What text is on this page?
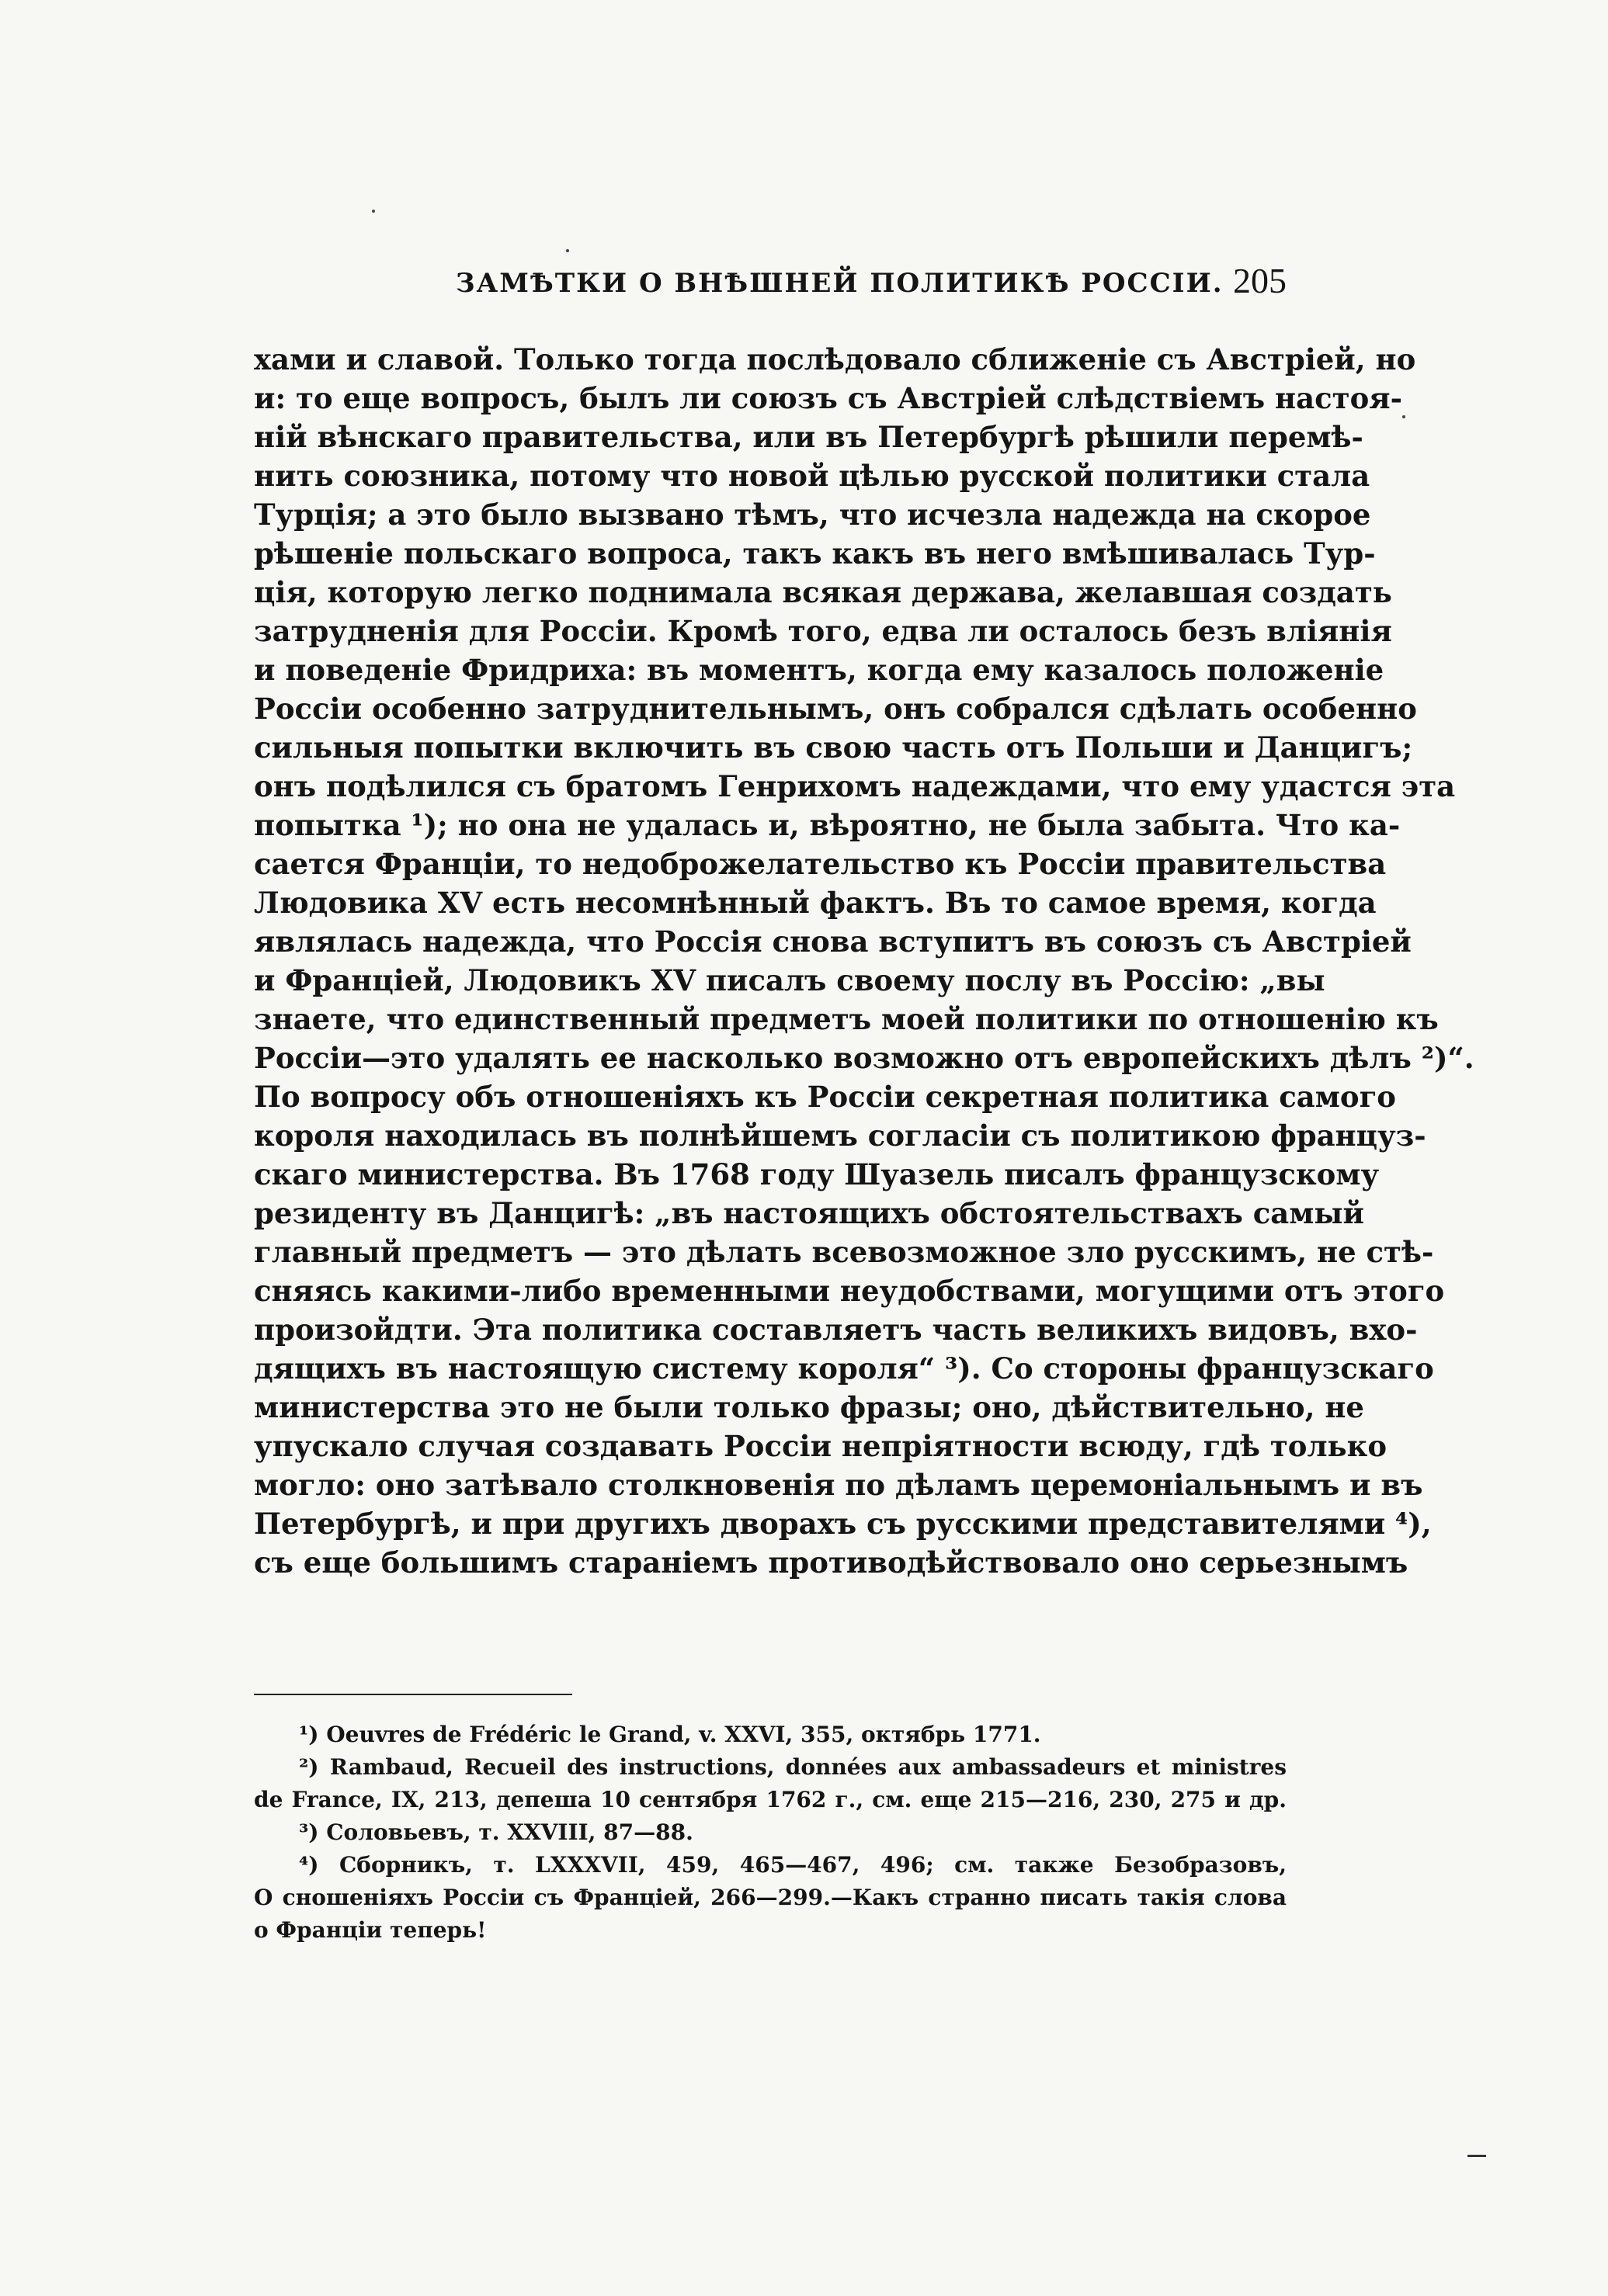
ЗАМѢТКИ О ВНѢШНЕЙ ПОЛИТИКѢ РОССІИ. 205
хами и славой. Только тогда послѣдовало сближеніе съ Австріей, но
и: то еще вопросъ, былъ ли союзъ съ Австріей слѣдствіемъ настоя-
ній вѣнскаго правительства, или въ Петербургѣ рѣшили перемѣ-
нить союзника, потому что новой цѣлью русской политики стала
Турція; а это было вызвано тѣмъ, что исчезла надежда на скорое
рѣшеніе польскаго вопроса, такъ какъ въ него вмѣшивалась Тур-
ція, которую легко поднимала всякая держава, желавшая создать
затрудненія для Россіи. Кромѣ того, едва ли осталось безъ вліянія
и поведеніе Фридриха: въ моментъ, когда ему казалось положеніе
Россіи особенно затруднительнымъ, онъ собрался сдѣлать особенно
сильныя попытки включить въ свою часть отъ Польши и Данцигъ;
онъ подѣлился съ братомъ Генрихомъ надеждами, что ему удастся эта
попытка ¹); но она не удалась и, вѣроятно, не была забыта. Что ка-
сается Франціи, то недоброжелательство къ Россіи правительства
Людовика XV есть несомнѣнный фактъ. Въ то самое время, когда
являлась надежда, что Россія снова вступитъ въ союзъ съ Австріей
и Франціей, Людовикъ XV писалъ своему послу въ Россію: „вы
знаете, что единственный предметъ моей политики по отношенію къ
Россіи—это удалять ее насколько возможно отъ европейскихъ дѣлъ ²)“.
По вопросу объ отношеніяхъ къ Россіи секретная политика самого
короля находилась въ полнѣйшемъ согласіи съ политикою француз-
скаго министерства. Въ 1768 году Шуазель писалъ французскому
резиденту въ Данцигѣ: „въ настоящихъ обстоятельствахъ самый
главный предметъ — это дѣлать всевозможное зло русскимъ, не стѣ-
сняясь какими-либо временными неудобствами, могущими отъ этого
произойдти. Эта политика составляетъ часть великихъ видовъ, вхо-
дящихъ въ настоящую систему короля“ ³). Со стороны французскаго
министерства это не были только фразы; оно, дѣйствительно, не
упускало случая создавать Россіи непріятности всюду, гдѣ только
могло: оно затѣвало столкновенія по дѣламъ церемоніальнымъ и въ
Петербургѣ, и при другихъ дворахъ съ русскими представителями ⁴),
съ еще большимъ стараніемъ противодѣйствовало оно серьезнымъ
¹) Oeuvres de Frédéric le Grand, v. XXVI, 355, октябрь 1771.
²) Rambaud, Recueil des instructions, données aux ambassadeurs et ministres
de France, IX, 213, депеша 10 сентября 1762 г., см. еще 215—216, 230, 275 и др.
³) Соловьевъ, т. XXVIII, 87—88.
⁴) Сборникъ, т. LXXXVII, 459, 465—467, 496; см. также Безобразовъ,
О сношеніяхъ Россіи съ Франціей, 266—299.—Какъ странно писать такія слова
о Франціи теперь!
